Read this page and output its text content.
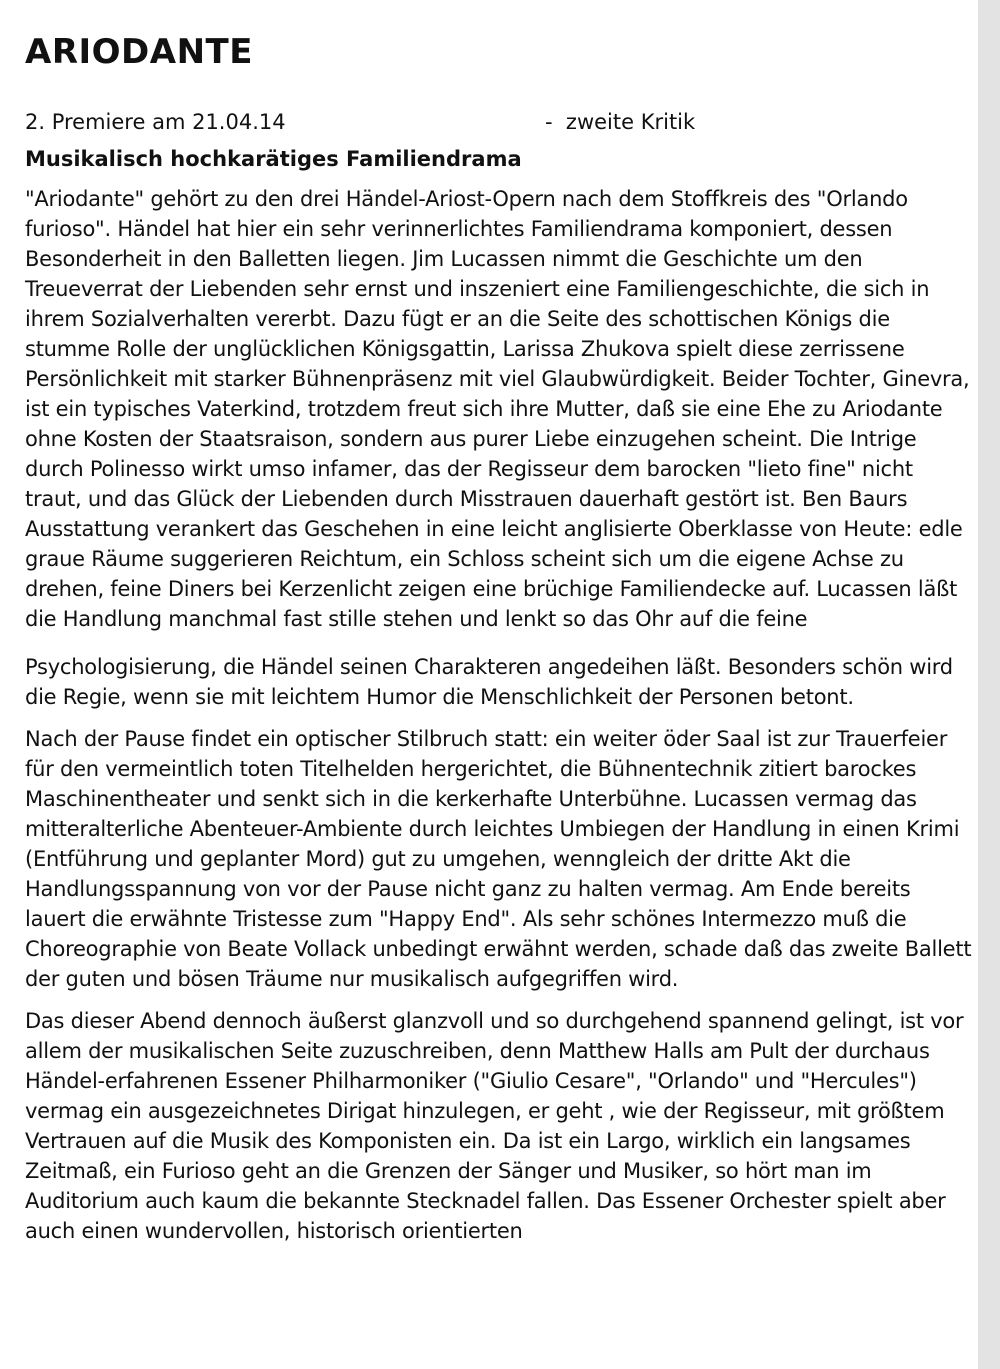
ARIODANTE
2. Premiere am 21.04.14	-  zweite Kritik
Musikalisch hochkarätiges Familiendrama

"Ariodante" gehört zu den drei Händel-Ariost-Opern nach dem Stoffkreis des "Orlando furioso". Händel hat hier ein sehr verinnerlichtes Familiendrama komponiert, dessen Besonderheit in den Balletten liegen. Jim Lucassen nimmt die Geschichte um den Treueverrat der Liebenden sehr ernst und inszeniert eine Familiengeschichte, die sich in ihrem Sozialverhalten vererbt. Dazu fügt er an die Seite des schottischen Königs die stumme Rolle der unglücklichen Königsgattin, Larissa Zhukova spielt diese zerrissene Persönlichkeit mit starker Bühnenpräsenz mit viel Glaubwürdigkeit. Beider Tochter, Ginevra, ist ein typisches Vaterkind, trotzdem freut sich ihre Mutter, daß sie eine Ehe zu Ariodante ohne Kosten der Staatsraison, sondern aus purer Liebe einzugehen scheint. Die Intrige durch Polinesso wirkt umso infamer, das der Regisseur dem barocken "lieto fine" nicht traut, und das Glück der Liebenden durch Misstrauen dauerhaft gestört ist. Ben Baurs Ausstattung verankert das Geschehen in eine leicht anglisierte Oberklasse von Heute: edle graue Räume suggerieren Reichtum, ein Schloss scheint sich um die eigene Achse zu drehen, feine Diners bei Kerzenlicht zeigen eine brüchige Familiendecke auf. Lucassen läßt die Handlung manchmal fast stille stehen und lenkt so das Ohr auf die feine

Psychologisierung, die Händel seinen Charakteren angedeihen läßt. Besonders schön wird die Regie, wenn sie mit leichtem Humor die Menschlichkeit der Personen betont.

Nach der Pause findet ein optischer Stilbruch statt: ein weiter öder Saal ist zur Trauerfeier für den vermeintlich toten Titelhelden hergerichtet, die Bühnentechnik zitiert barockes Maschinentheater und senkt sich in die kerkerhafte Unterbühne. Lucassen vermag das mitteralterliche Abenteuer-Ambiente durch leichtes Umbiegen der Handlung in einen Krimi (Entführung und geplanter Mord) gut zu umgehen, wenngleich der dritte Akt die Handlungsspannung von vor der Pause nicht ganz zu halten vermag. Am Ende bereits lauert die erwähnte Tristesse zum "Happy End". Als sehr schönes Intermezzo muß die Choreographie von Beate Vollack unbedingt erwähnt werden, schade daß das zweite Ballett der guten und bösen Träume nur musikalisch aufgegriffen wird.

Das dieser Abend dennoch äußerst glanzvoll und so durchgehend spannend gelingt, ist vor allem der musikalischen Seite zuzuschreiben, denn Matthew Halls am Pult der durchaus Händel-erfahrenen Essener Philharmoniker ("Giulio Cesare", "Orlando" und "Hercules") vermag ein ausgezeichnetes Dirigat hinzulegen, er geht , wie der Regisseur, mit größtem Vertrauen auf die Musik des Komponisten ein. Da ist ein Largo, wirklich ein langsames Zeitmaß, ein Furioso geht an die Grenzen der Sänger und Musiker, so hört man im Auditorium auch kaum die bekannte Stecknadel fallen. Das Essener Orchester spielt aber auch einen wundervollen, historisch orientierten
